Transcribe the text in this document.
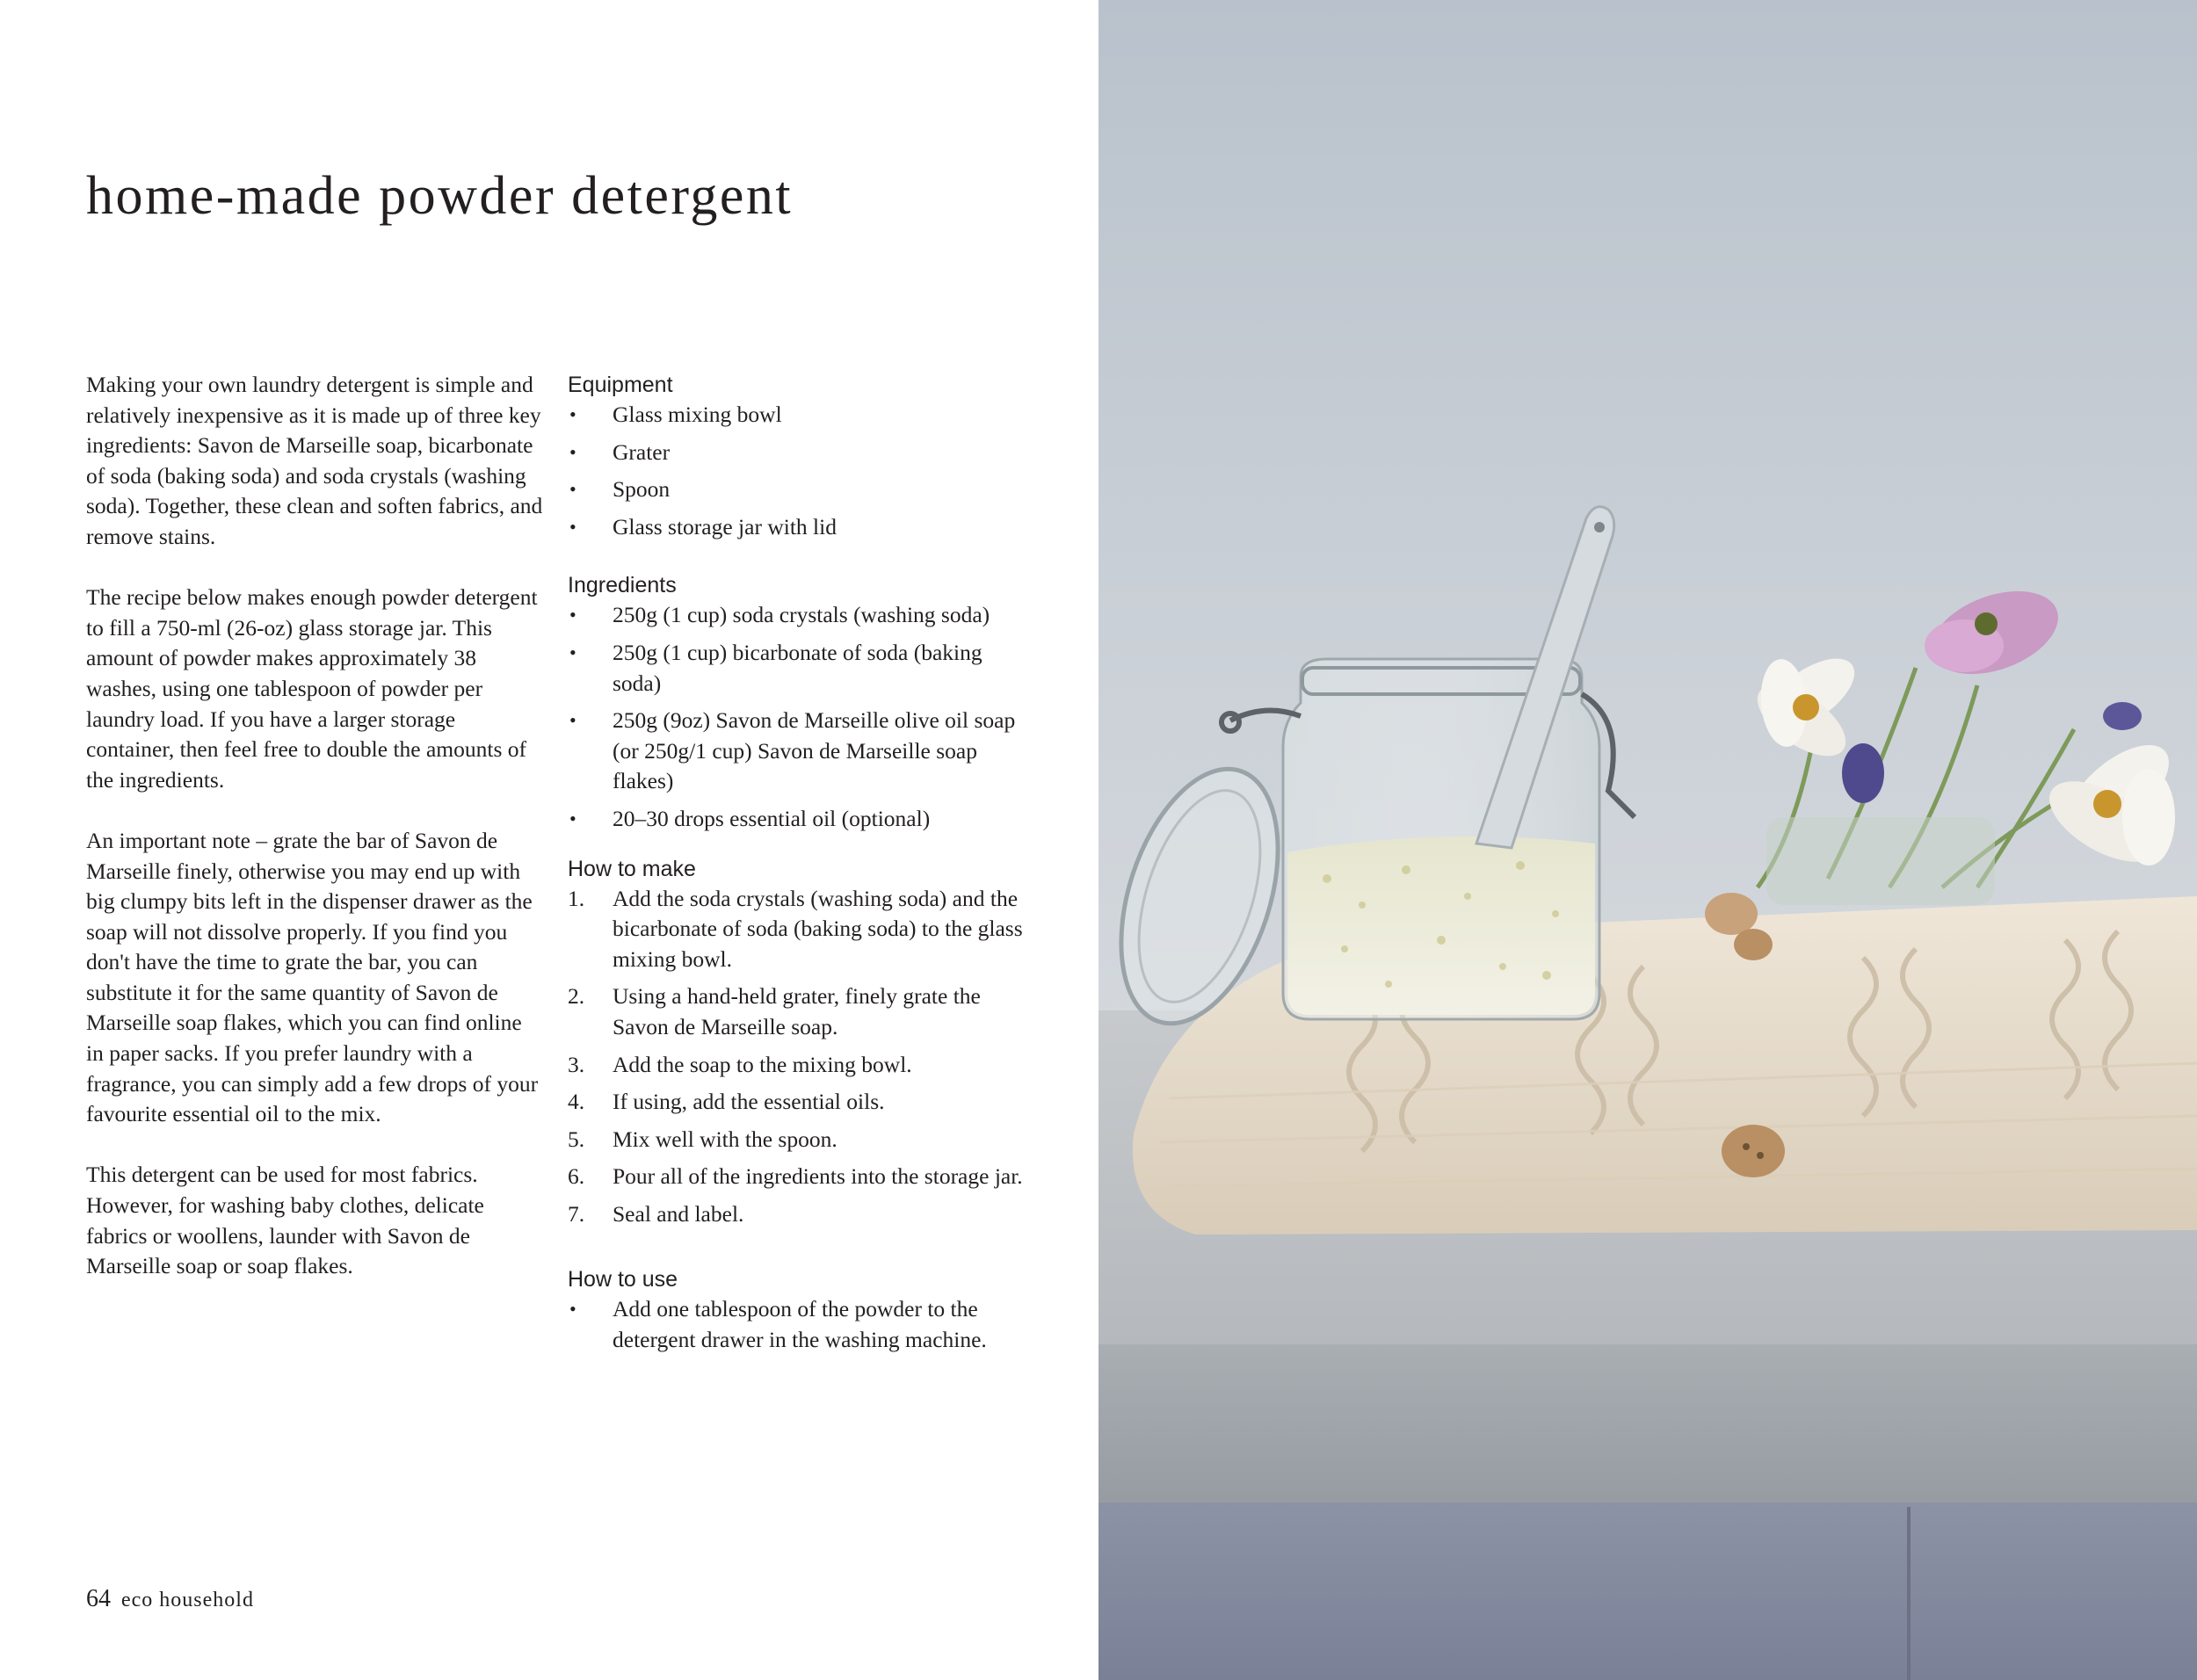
home-made powder detergent

Making your own laundry detergent is simple and relatively inexpensive as it is made up of three key ingredients: Savon de Marseille soap, bicarbonate of soda (baking soda) and soda crystals (washing soda). Together, these clean and soften fabrics, and remove stains.

The recipe below makes enough powder detergent to fill a 750-ml (26-oz) glass storage jar. This amount of powder makes approximately 38 washes, using one tablespoon of powder per laundry load. If you have a larger storage container, then feel free to double the amounts of the ingredients.

An important note – grate the bar of Savon de Marseille finely, otherwise you may end up with big clumpy bits left in the dispenser drawer as the soap will not dissolve properly. If you find you don't have the time to grate the bar, you can substitute it for the same quantity of Savon de Marseille soap flakes, which you can find online in paper sacks. If you prefer laundry with a fragrance, you can simply add a few drops of your favourite essential oil to the mix.

This detergent can be used for most fabrics. However, for washing baby clothes, delicate fabrics or woollens, launder with Savon de Marseille soap or soap flakes.

Equipment
• Glass mixing bowl
• Grater
• Spoon
• Glass storage jar with lid
Ingredients
• 250g (1 cup) soda crystals (washing soda)
• 250g (1 cup) bicarbonate of soda (baking soda)
• 250g (9oz) Savon de Marseille olive oil soap (or 250g/1 cup) Savon de Marseille soap flakes)
• 20–30 drops essential oil (optional)
How to make
1. Add the soda crystals (washing soda) and the bicarbonate of soda (baking soda) to the glass mixing bowl.
2. Using a hand-held grater, finely grate the Savon de Marseille soap.
3. Add the soap to the mixing bowl.
4. If using, add the essential oils.
5. Mix well with the spoon.
6. Pour all of the ingredients into the storage jar.
7. Seal and label.
How to use
• Add one tablespoon of the powder to the detergent drawer in the washing machine.
64 eco household
